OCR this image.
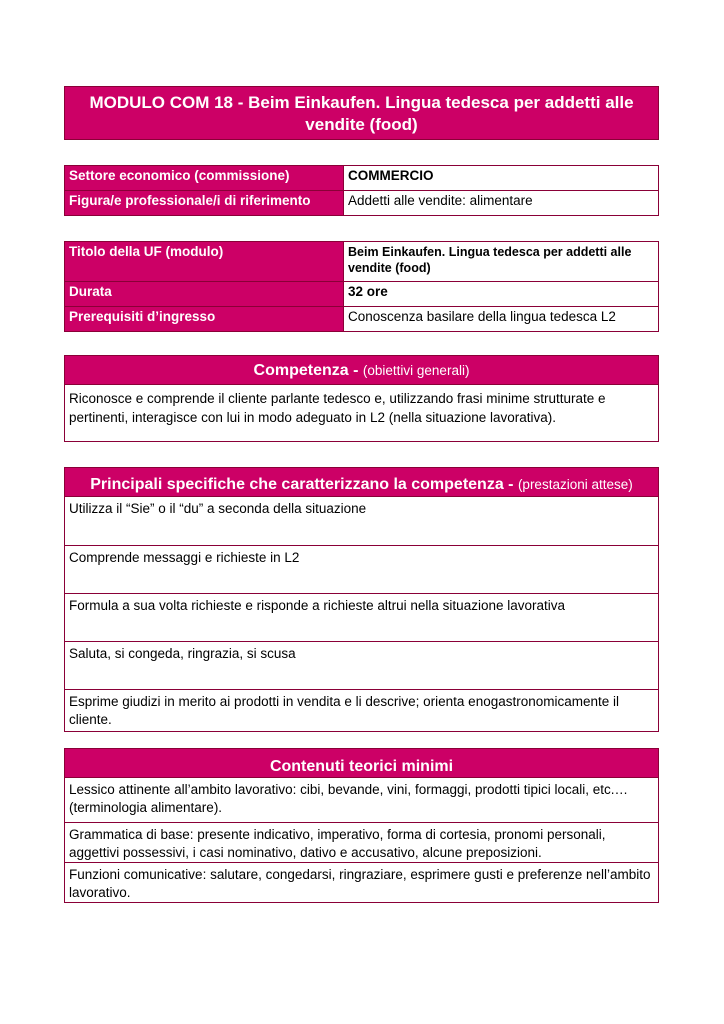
MODULO COM 18 - Beim Einkaufen. Lingua tedesca per addetti alle
vendite (food)
Settore economico (commissione)	COMMERCIO
Figura/e professionale/i di riferimento	Addetti alle vendite: alimentare
Titolo della UF (modulo)	Beim Einkaufen. Lingua tedesca per addetti alle vendite (food)
Durata	32 ore
Prerequisiti d’ingresso	Conoscenza basilare della lingua tedesca L2
Competenza - (obiettivi generali)
Riconosce e comprende il cliente parlante tedesco e, utilizzando frasi minime strutturate e pertinenti, interagisce con lui in modo adeguato in L2 (nella situazione lavorativa).
Principali specifiche che caratterizzano la competenza - (prestazioni attese)
Utilizza il “Sie” o il “du” a seconda della situazione
Comprende messaggi e richieste in L2
Formula a sua volta richieste e risponde a richieste altrui nella situazione lavorativa
Saluta, si congeda, ringrazia, si scusa
Esprime giudizi in merito ai prodotti in vendita e li descrive; orienta enogastronomicamente il cliente.
Contenuti teorici minimi
Lessico attinente all’ambito lavorativo: cibi, bevande, vini, formaggi, prodotti tipici locali, etc.… (terminologia alimentare).
Grammatica di base: presente indicativo, imperativo, forma di cortesia, pronomi personali, aggettivi possessivi, i casi nominativo, dativo e accusativo, alcune preposizioni.
Funzioni comunicative: salutare, congedarsi, ringraziare, esprimere gusti e preferenze nell’ambito lavorativo.
